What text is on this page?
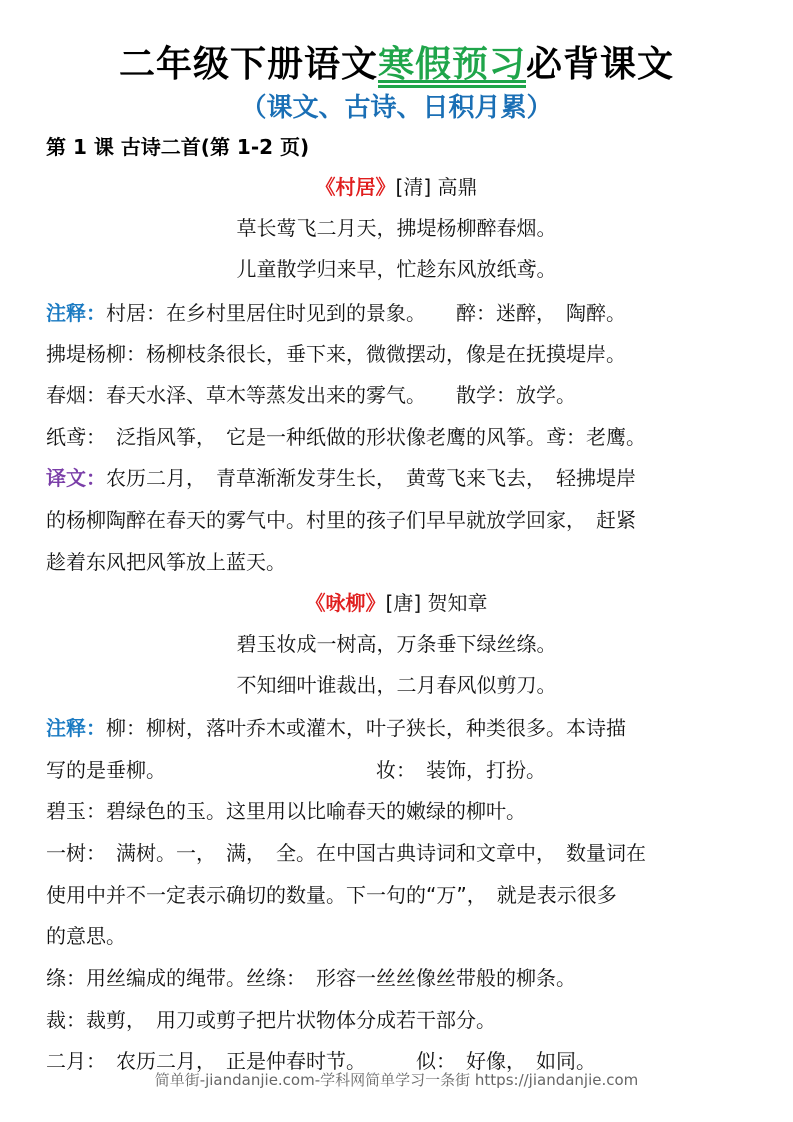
二年级下册语文寒假预习必背课文
（课文、古诗、日积月累）
第 1 课 古诗二首(第 1-2 页)
《村居》[清] 高鼎
草长莺飞二月天，拂堤杨柳醉春烟。
儿童散学归来早，忙趁东风放纸鸢。
注释：村居：在乡村里居住时见到的景象。　　醉：迷醉，　陶醉。
拂堤杨柳：杨柳枝条很长，垂下来，微微摆动，像是在抚摸堤岸。
春烟：春天水泽、草木等蒸发出来的雾气。　　散学：放学。
纸鸢：　泛指风筝，　它是一种纸做的形状像老鹰的风筝。鸢：老鹰。
译文：农历二月，　青草渐渐发芽生长，　黄莺飞来飞去，　轻拂堤岸
的杨柳陶醉在春天的雾气中。村里的孩子们早早就放学回家，　赶紧
趁着东风把风筝放上蓝天。
《咏柳》[唐] 贺知章
碧玉妆成一树高，万条垂下绿丝绦。
不知细叶谁裁出，二月春风似剪刀。
注释：柳：柳树，落叶乔木或灌木，叶子狭长，种类很多。本诗描
写的是垂柳。　　　　　　　　　　　妆：　装饰，打扮。
碧玉：碧绿色的玉。这里用以比喻春天的嫩绿的柳叶。
一树：　满树。一，　满，　全。在中国古典诗词和文章中，　数量词在
使用中并不一定表示确切的数量。下一句的“万”，　就是表示很多
的意思。
绦：用丝编成的绳带。丝绦：　形容一丝丝像丝带般的柳条。
裁：裁剪，　用刀或剪子把片状物体分成若干部分。
二月：　农历二月，　正是仲春时节。　　　似：　好像，　如同。
简单街-jiandanjie.com-学科网简单学习一条街 https://jiandanjie.com
